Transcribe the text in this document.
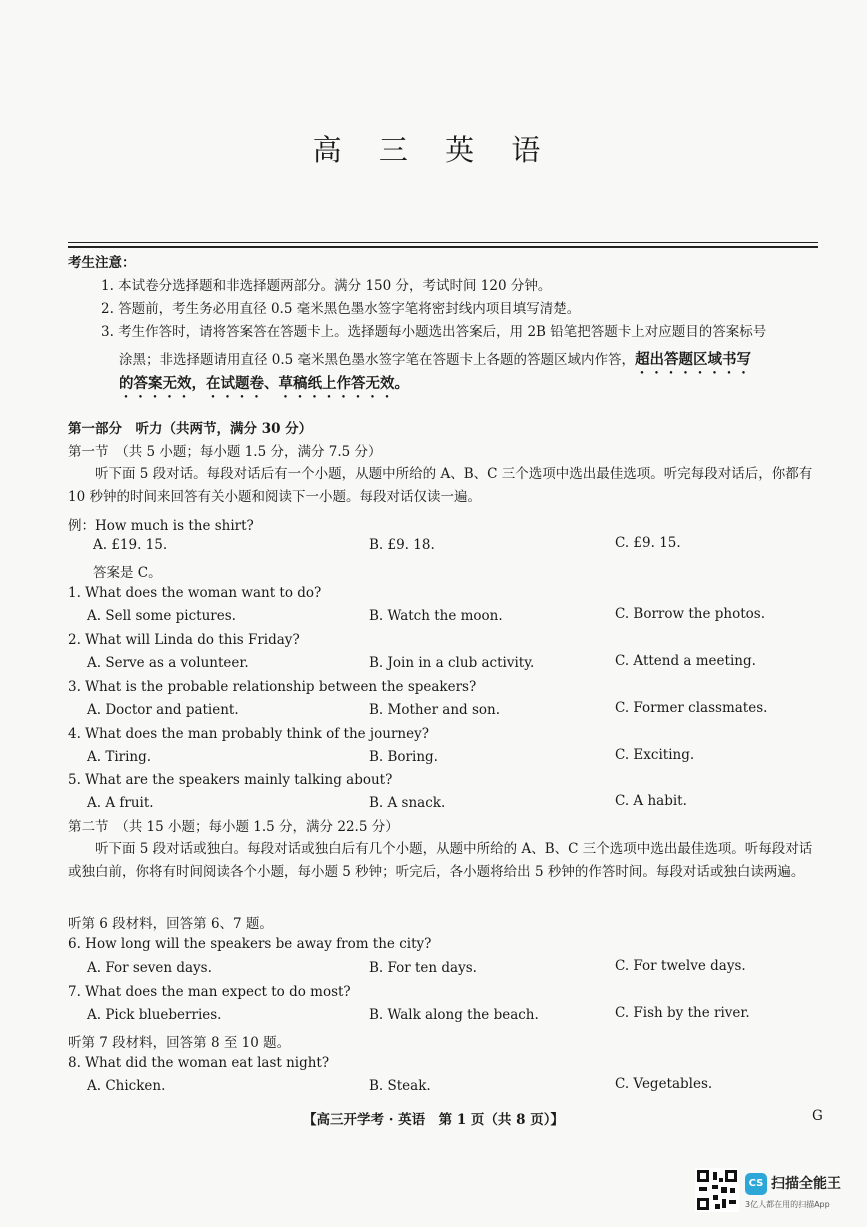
高 三 英 语
考生注意：
1. 本试卷分选择题和非选择题两部分。满分 150 分，考试时间 120 分钟。
2. 答题前，考生务必用直径 0.5 毫米黑色墨水签字笔将密封线内项目填写清楚。
3. 考生作答时，请将答案答在答题卡上。选择题每小题选出答案后，用 2B 铅笔把答题卡上对应题目的答案标号
涂黑；非选择题请用直径 0.5 毫米黑色墨水签字笔在答题卡上各题的答题区域内作答，超出答题区域书写
的答案无效，在试题卷、草稿纸上作答无效。
第一部分　听力（共两节，满分 30 分）
第一节　（共 5 小题；每小题 1.5 分，满分 7.5 分）
听下面 5 段对话。每段对话后有一个小题，从题中所给的 A、B、C 三个选项中选出最佳选项。听完每段对话后，你都有 10 秒钟的时间来回答有关小题和阅读下一小题。每段对话仅读一遍。
例：How much is the shirt?
A. £19. 15.	B. £9. 18.	C. £9. 15.
答案是 C。
1. What does the woman want to do?
A. Sell some pictures.	B. Watch the moon.	C. Borrow the photos.
2. What will Linda do this Friday?
A. Serve as a volunteer.	B. Join in a club activity.	C. Attend a meeting.
3. What is the probable relationship between the speakers?
A. Doctor and patient.	B. Mother and son.	C. Former classmates.
4. What does the man probably think of the journey?
A. Tiring.	B. Boring.	C. Exciting.
5. What are the speakers mainly talking about?
A. A fruit.	B. A snack.	C. A habit.
第二节　（共 15 小题；每小题 1.5 分，满分 22.5 分）
听下面 5 段对话或独白。每段对话或独白后有几个小题，从题中所给的 A、B、C 三个选项中选出最佳选项。听每段对话或独白前，你将有时间阅读各个小题，每小题 5 秒钟；听完后，各小题将给出 5 秒钟的作答时间。每段对话或独白读两遍。
听第 6 段材料，回答第 6、7 题。
6. How long will the speakers be away from the city?
A. For seven days.	B. For ten days.	C. For twelve days.
7. What does the man expect to do most?
A. Pick blueberries.	B. Walk along the beach.	C. Fish by the river.
听第 7 段材料，回答第 8 至 10 题。
8. What did the woman eat last night?
A. Chicken.	B. Steak.	C. Vegetables.
【高三开学考 · 英语　第 1 页（共 8 页）】	G
CS 扫描全能王
3亿人都在用的扫描App
